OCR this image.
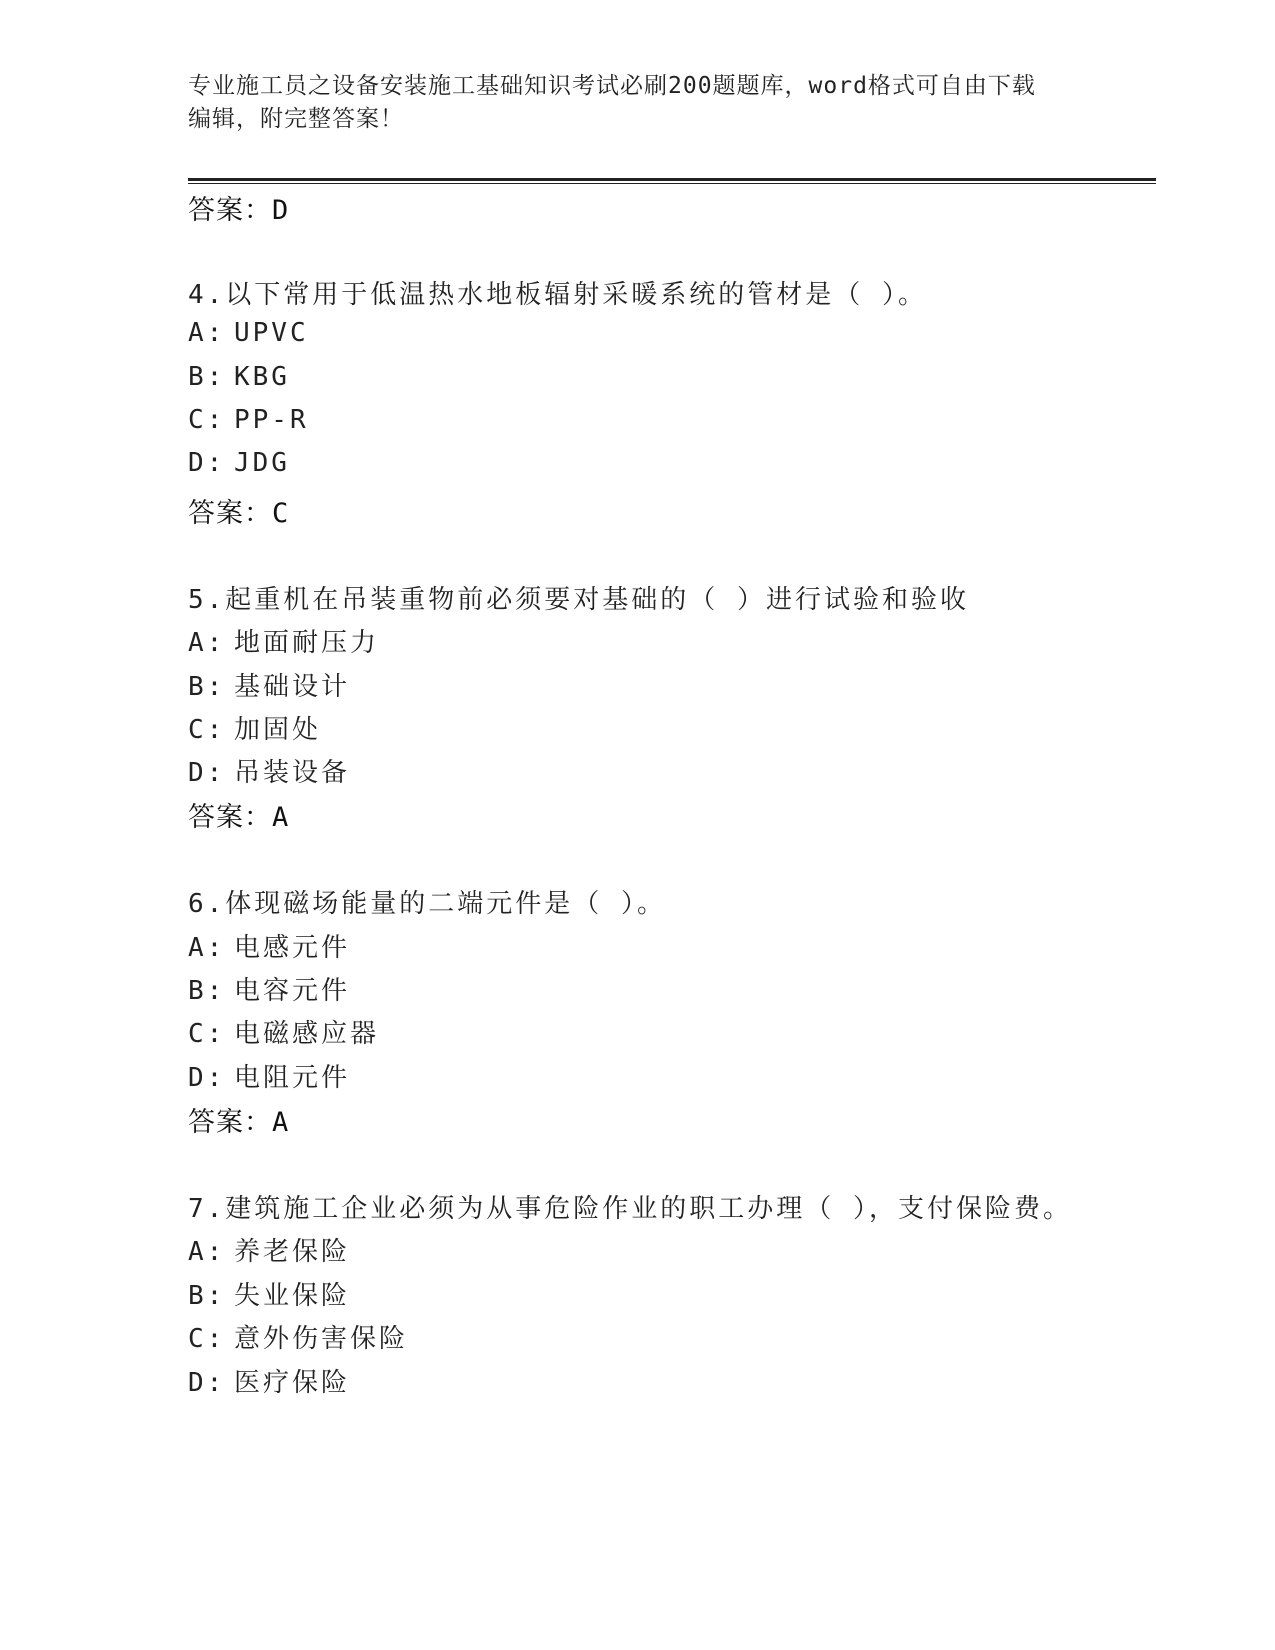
专业施工员之设备安装施工基础知识考试必刷200题题库，word格式可自由下载
编辑，附完整答案！
答案：D
4.以下常用于低温热水地板辐射采暖系统的管材是（ ）。
A: UPVC
B: KBG
C: PP-R
D: JDG
答案：C
5.起重机在吊装重物前必须要对基础的（ ）进行试验和验收
A: 地面耐压力
B: 基础设计
C: 加固处
D: 吊装设备
答案：A
6.体现磁场能量的二端元件是（ ）。
A: 电感元件
B: 电容元件
C: 电磁感应器
D: 电阻元件
答案：A
7.建筑施工企业必须为从事危险作业的职工办理（ ），支付保险费。
A: 养老保险
B: 失业保险
C: 意外伤害保险
D: 医疗保险
